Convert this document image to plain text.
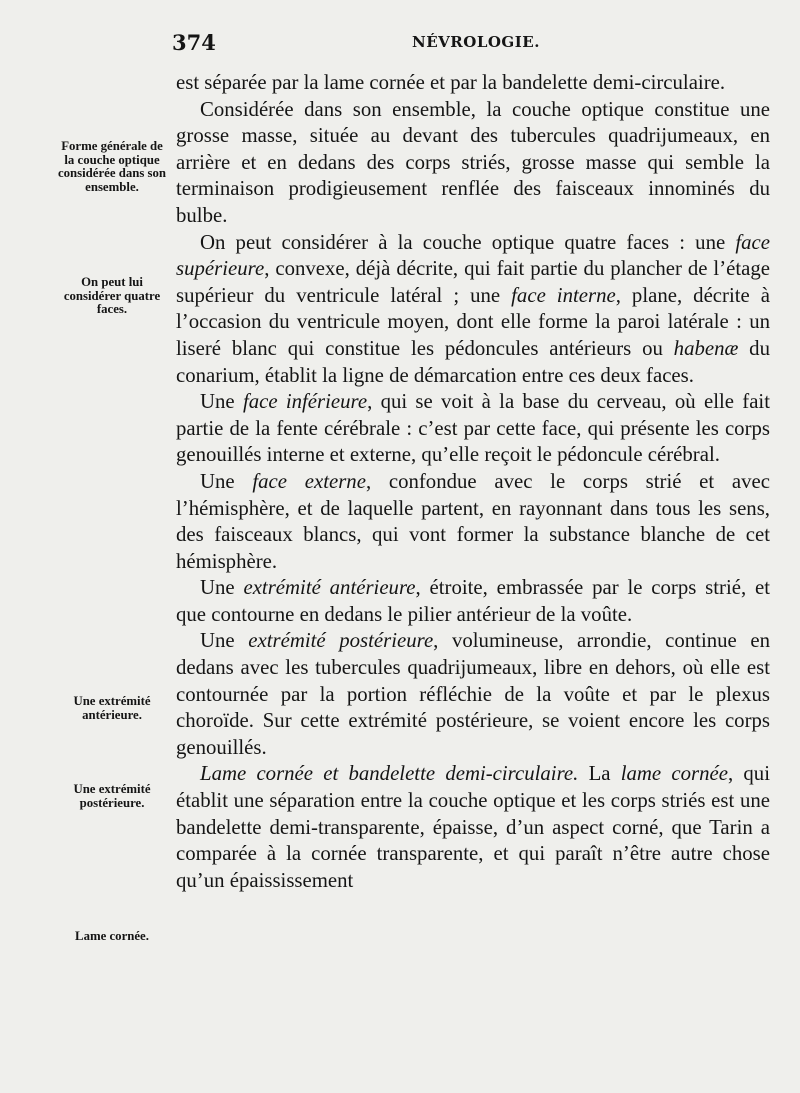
374	NÉVROLOGIE.
Forme générale de la couche optique considérée dans son ensemble.
On peut lui considérer quatre faces.
Une extrémité antérieure.
Une extrémité postérieure.
Lame cornée.

est séparée par la lame cornée et par la bandelette demi-circulaire.

Considérée dans son ensemble, la couche optique constitue une grosse masse, située au devant des tubercules quadrijumeaux, en arrière et en dedans des corps striés, grosse masse qui semble la terminaison prodigieusement renflée des faisceaux innominés du bulbe.

On peut considérer à la couche optique quatre faces : une face supérieure, convexe, déjà décrite, qui fait partie du plancher de l’étage supérieur du ventricule latéral ; une face interne, plane, décrite à l’occasion du ventricule moyen, dont elle forme la paroi latérale : un liseré blanc qui constitue les pédoncules antérieurs ou habenæ du conarium, établit la ligne de démarcation entre ces deux faces.

Une face inférieure, qui se voit à la base du cerveau, où elle fait partie de la fente cérébrale : c’est par cette face, qui présente les corps genouillés interne et externe, qu’elle reçoit le pédoncule cérébral.

Une face externe, confondue avec le corps strié et avec l’hémisphère, et de laquelle partent, en rayonnant dans tous les sens, des faisceaux blancs, qui vont former la substance blanche de cet hémisphère.

Une extrémité antérieure, étroite, embrassée par le corps strié, et que contourne en dedans le pilier antérieur de la voûte.

Une extrémité postérieure, volumineuse, arrondie, continue en dedans avec les tubercules quadrijumeaux, libre en dehors, où elle est contournée par la portion réfléchie de la voûte et par le plexus choroïde. Sur cette extrémité postérieure, se voient encore les corps genouillés.

Lame cornée et bandelette demi-circulaire. La lame cornée, qui établit une séparation entre la couche optique et les corps striés est une bandelette demi-transparente, épaisse, d’un aspect corné, que Tarin a comparée à la cornée transparente, et qui paraît n’être autre chose qu’un épaississement
